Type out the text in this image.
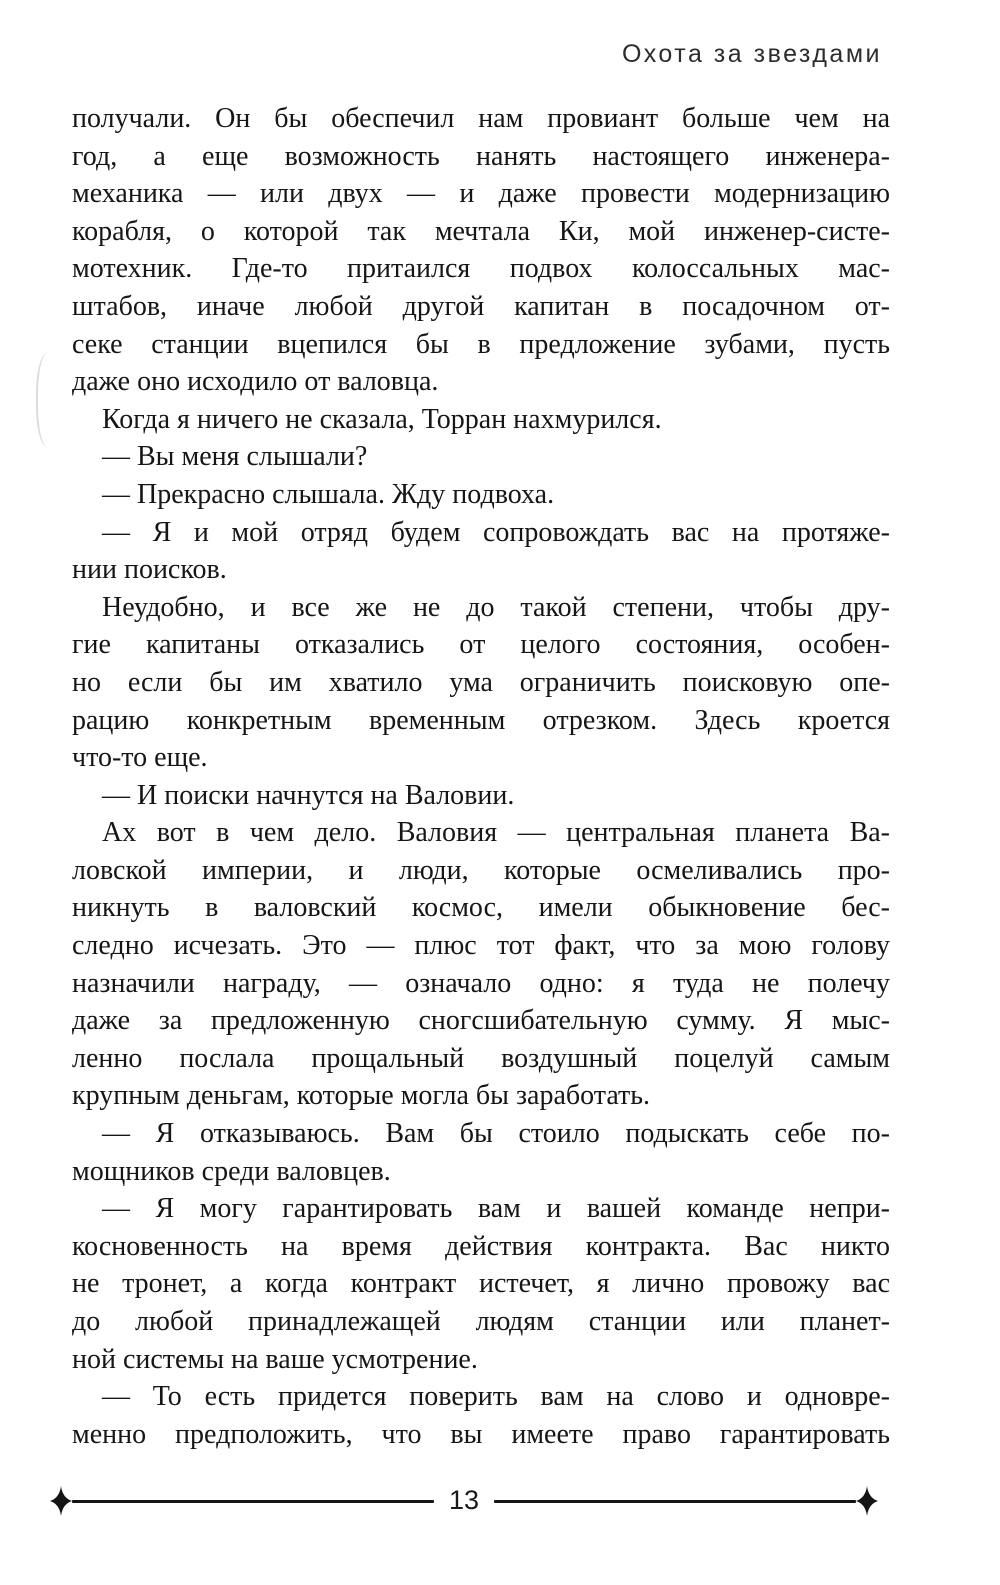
Охота за звездами
получали. Он бы обеспечил нам провиант больше чем на
год, а еще возможность нанять настоящего инженера-
механика — или двух — и даже провести модернизацию
корабля, о которой так мечтала Ки, мой инженер-систе-
мотехник. Где-то притаился подвох колоссальных мас-
штабов, иначе любой другой капитан в посадочном от-
секе станции вцепился бы в предложение зубами, пусть
даже оно исходило от валовца.
Когда я ничего не сказала, Торран нахмурился.
— Вы меня слышали?
— Прекрасно слышала. Жду подвоха.
— Я и мой отряд будем сопровождать вас на протяже-
нии поисков.
Неудобно, и все же не до такой степени, чтобы дру-
гие капитаны отказались от целого состояния, особен-
но если бы им хватило ума ограничить поисковую опе-
рацию конкретным временным отрезком. Здесь кроется
что-то еще.
— И поиски начнутся на Валовии.
Ах вот в чем дело. Валовия — центральная планета Ва-
ловской империи, и люди, которые осмеливались про-
никнуть в валовский космос, имели обыкновение бес-
следно исчезать. Это — плюс тот факт, что за мою голову
назначили награду, — означало одно: я туда не полечу
даже за предложенную сногсшибательную сумму. Я мыс-
ленно послала прощальный воздушный поцелуй самым
крупным деньгам, которые могла бы заработать.
— Я отказываюсь. Вам бы стоило подыскать себе по-
мощников среди валовцев.
— Я могу гарантировать вам и вашей команде непри-
косновенность на время действия контракта. Вас никто
не тронет, а когда контракт истечет, я лично провожу вас
до любой принадлежащей людям станции или планет-
ной системы на ваше усмотрение.
— То есть придется поверить вам на слово и одновре-
менно предположить, что вы имеете право гарантировать
13
